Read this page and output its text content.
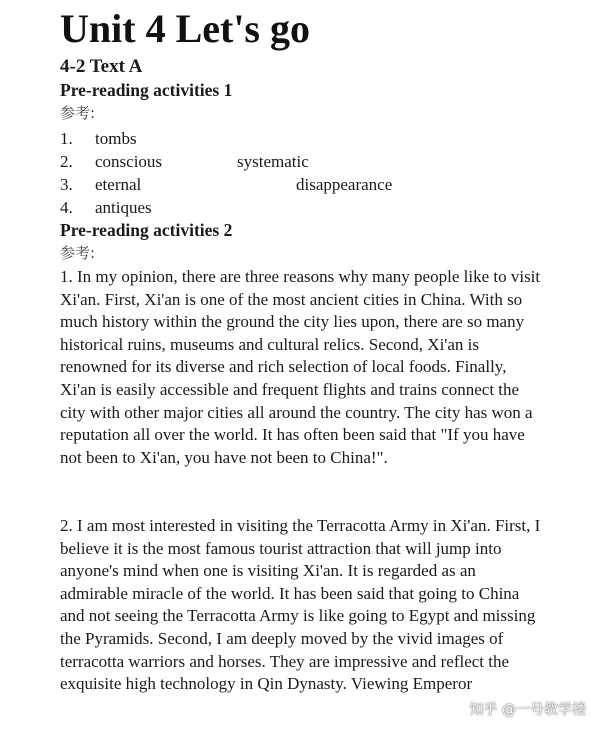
Unit 4 Let's go
4-2 Text A
Pre-reading activities 1
参考:
1. tombs
2. conscious	systematic
3. eternal	disappearance
4. antiques
Pre-reading activities 2
参考:

1. In my opinion, there are three reasons why many people like to visit Xi'an. First, Xi'an is one of the most ancient cities in China. With so much history within the ground the city lies upon, there are so many historical ruins, museums and cultural relics. Second, Xi'an is renowned for its diverse and rich selection of local foods. Finally, Xi'an is easily accessible and frequent flights and trains connect the city with other major cities all around the country. The city has won a reputation all over the world. It has often been said that "If you have not been to Xi'an, you have not been to China!".

2. I am most interested in visiting the Terracotta Army in Xi'an. First, I believe it is the most famous tourist attraction that will jump into anyone's mind when one is visiting Xi'an. It is regarded as an admirable miracle of the world. It has been said that going to China and not seeing the Terracotta Army is like going to Egypt and missing the Pyramids. Second, I am deeply moved by the vivid images of terracotta warriors and horses. They are impressive and reflect the exquisite high technology in Qin Dynasty. Viewing Emperor

知乎 @一号教学楼
